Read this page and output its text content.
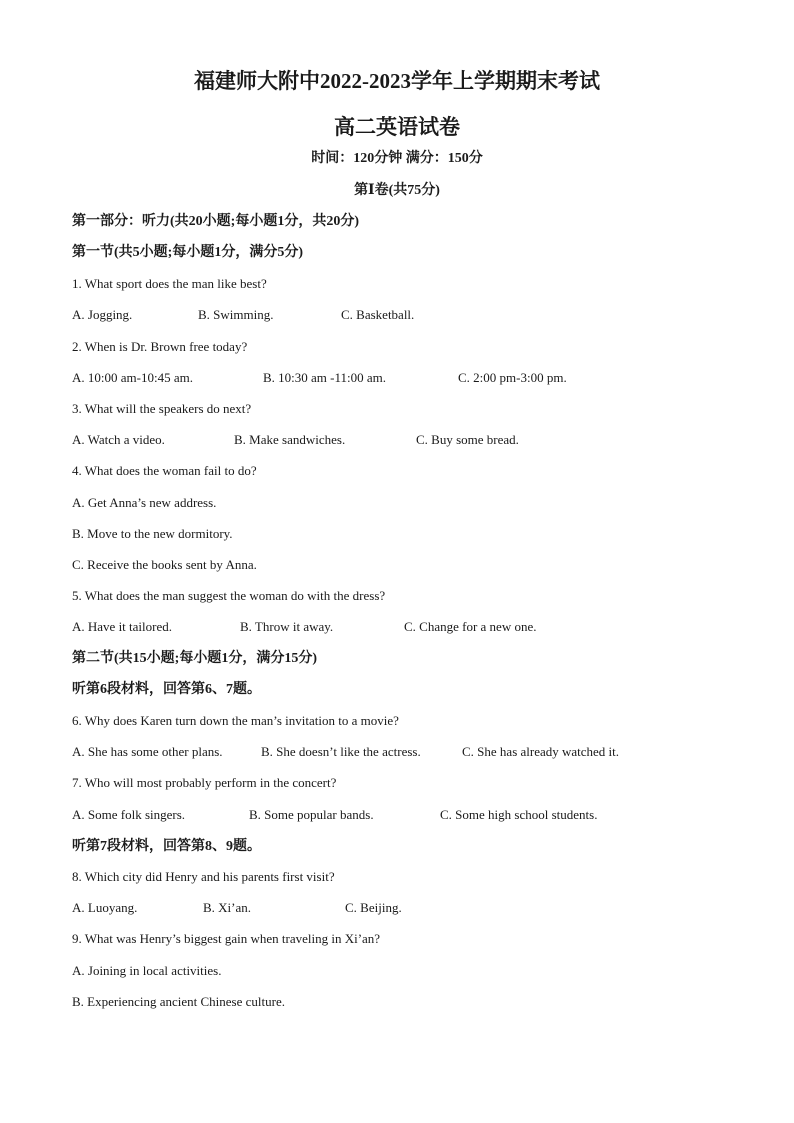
福建师大附中2022-2023学年上学期期末考试
高二英语试卷
时间：120分钟 满分：150分
第Ⅰ卷(共75分)
第一部分：听力(共20小题;每小题1分，共20分)
第一节(共5小题;每小题1分，满分5分)
1. What sport does the man like best?
A. Jogging.	B. Swimming.	C. Basketball.
2. When is Dr. Brown free today?
A. 10:00 am-10:45 am.	B. 10:30 am -11:00 am.	C. 2:00 pm-3:00 pm.
3. What will the speakers do next?
A. Watch a video.	B. Make sandwiches.	C. Buy some bread.
4. What does the woman fail to do?
A. Get Anna’s new address.
B. Move to the new dormitory.
C. Receive the books sent by Anna.
5. What does the man suggest the woman do with the dress?
A. Have it tailored.	B. Throw it away.	C. Change for a new one.
第二节(共15小题;每小题1分，满分15分)
听第6段材料，回答第6、7题。
6. Why does Karen turn down the man’s invitation to a movie?
A. She has some other plans.	B. She doesn’t like the actress.	C. She has already watched it.
7. Who will most probably perform in the concert?
A. Some folk singers.	B. Some popular bands.	C. Some high school students.
听第7段材料，回答第8、9题。
8. Which city did Henry and his parents first visit?
A. Luoyang.	B. Xi’an.	C. Beijing.
9. What was Henry’s biggest gain when traveling in Xi’an?
A. Joining in local activities.
B. Experiencing ancient Chinese culture.
